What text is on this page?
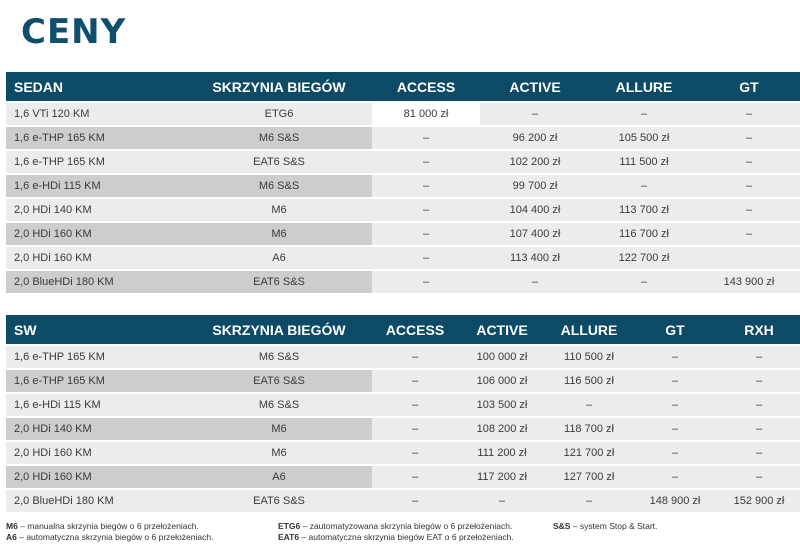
CENY
SEDAN	SKRZYNIA BIEGÓW	ACCESS	ACTIVE	ALLURE	GT
1,6 VTi 120 KM	ETG6	81 000 zł	–	–	–
1,6 e-THP 165 KM	M6 S&S	–	96 200 zł	105 500 zł	–
1,6 e-THP 165 KM	EAT6 S&S	–	102 200 zł	111 500 zł	–
1,6 e-HDi 115 KM	M6 S&S	–	99 700 zł	–	–
2,0 HDi 140 KM	M6	–	104 400 zł	113 700 zł	–
2,0 HDi 160 KM	M6	–	107 400 zł	116 700 zł	–
2,0 HDi 160 KM	A6	–	113 400 zł	122 700 zł	
2,0 BlueHDi 180 KM	EAT6 S&S	–	–	–	143 900 zł
SW	SKRZYNIA BIEGÓW	ACCESS	ACTIVE	ALLURE	GT	RXH
1,6 e-THP 165 KM	M6 S&S	–	100 000 zł	110 500 zł	–	–
1,6 e-THP 165 KM	EAT6 S&S	–	106 000 zł	116 500 zł	–	–
1,6 e-HDi 115 KM	M6 S&S	–	103 500 zł	–	–	–
2,0 HDi 140 KM	M6	–	108 200 zł	118 700 zł	–	–
2,0 HDi 160 KM	M6	–	111 200 zł	121 700 zł	–	–
2,0 HDi 160 KM	A6	–	117 200 zł	127 700 zł	–	–
2,0 BlueHDi 180 KM	EAT6 S&S	–	–	–	148 900 zł	152 900 zł
M6 – manualna skrzynia biegów o 6 przełożeniach.
A6 – automatyczna skrzynia biegów o 6 przełożeniach.
ETG6 – zautomatyzowana skrzynia biegów o 6 przełożeniach.
EAT6 – automatyczna skrzynia biegów EAT o 6 przełożeniach.
S&S – system Stop & Start.
